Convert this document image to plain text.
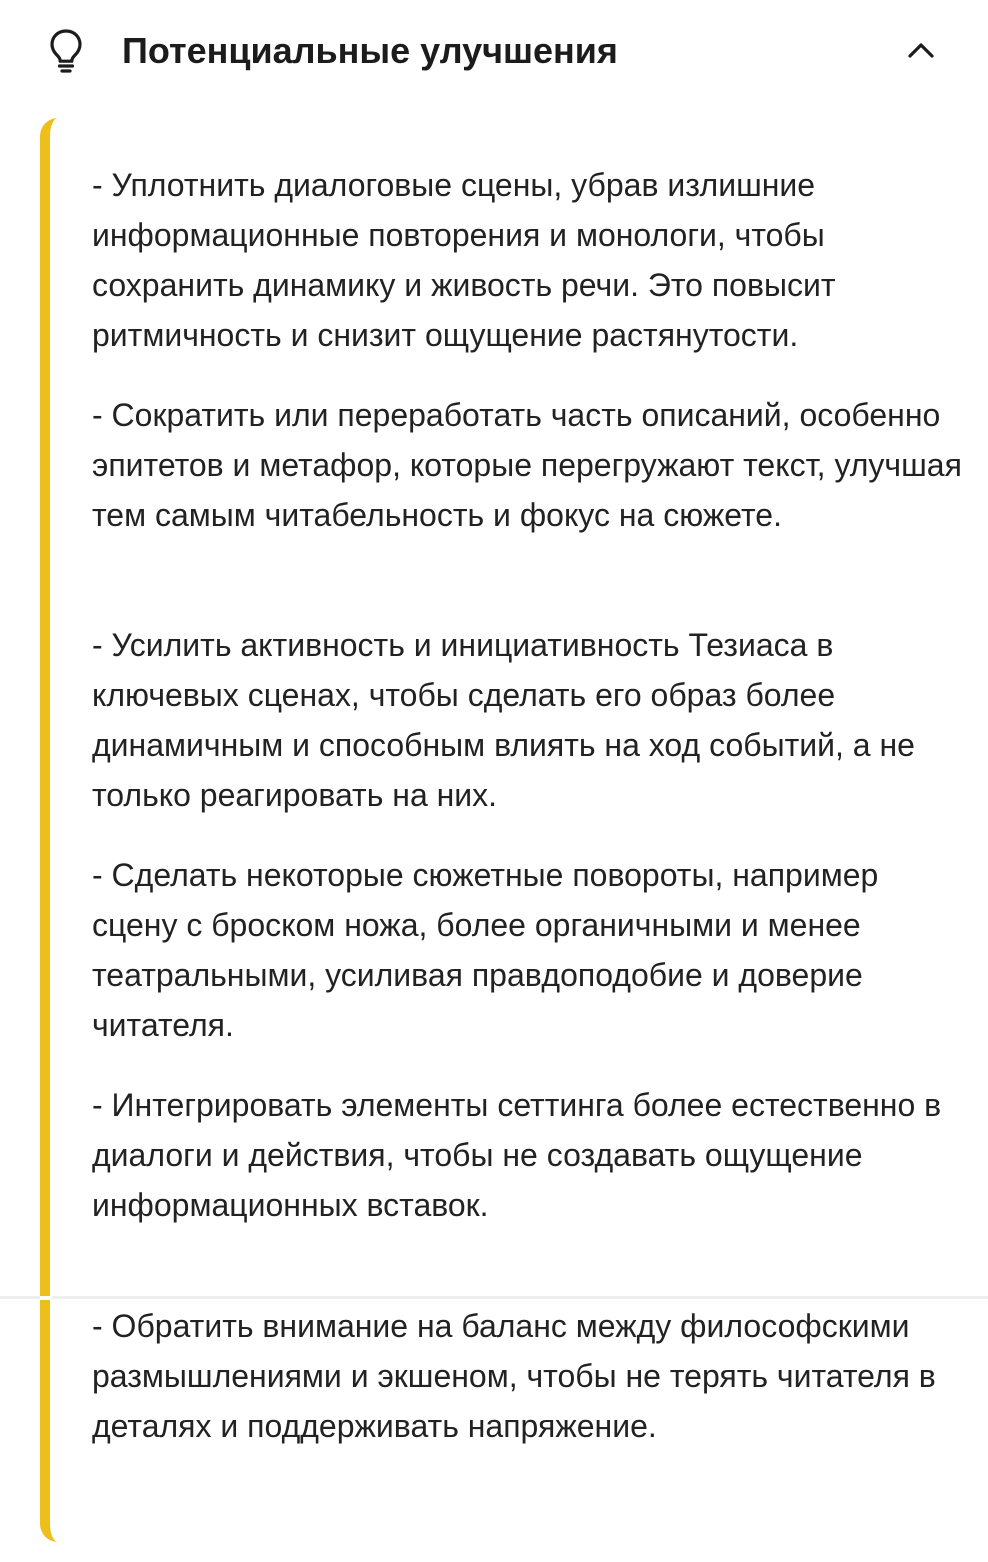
Потенциальные улучшения

- Уплотнить диалоговые сцены, убрав излишние информационные повторения и монологи, чтобы сохранить динамику и живость речи. Это повысит ритмичность и снизит ощущение растянутости.

- Сократить или переработать часть описаний, особенно эпитетов и метафор, которые перегружают текст, улучшая тем самым читабельность и фокус на сюжете.

- Усилить активность и инициативность Тезиаса в ключевых сценах, чтобы сделать его образ более динамичным и способным влиять на ход событий, а не только реагировать на них.

- Сделать некоторые сюжетные повороты, например сцену с броском ножа, более органичными и менее театральными, усиливая правдоподобие и доверие читателя.

- Интегрировать элементы сеттинга более естественно в диалоги и действия, чтобы не создавать ощущение информационных вставок.

- Обратить внимание на баланс между философскими размышлениями и экшеном, чтобы не терять читателя в деталях и поддерживать напряжение.
